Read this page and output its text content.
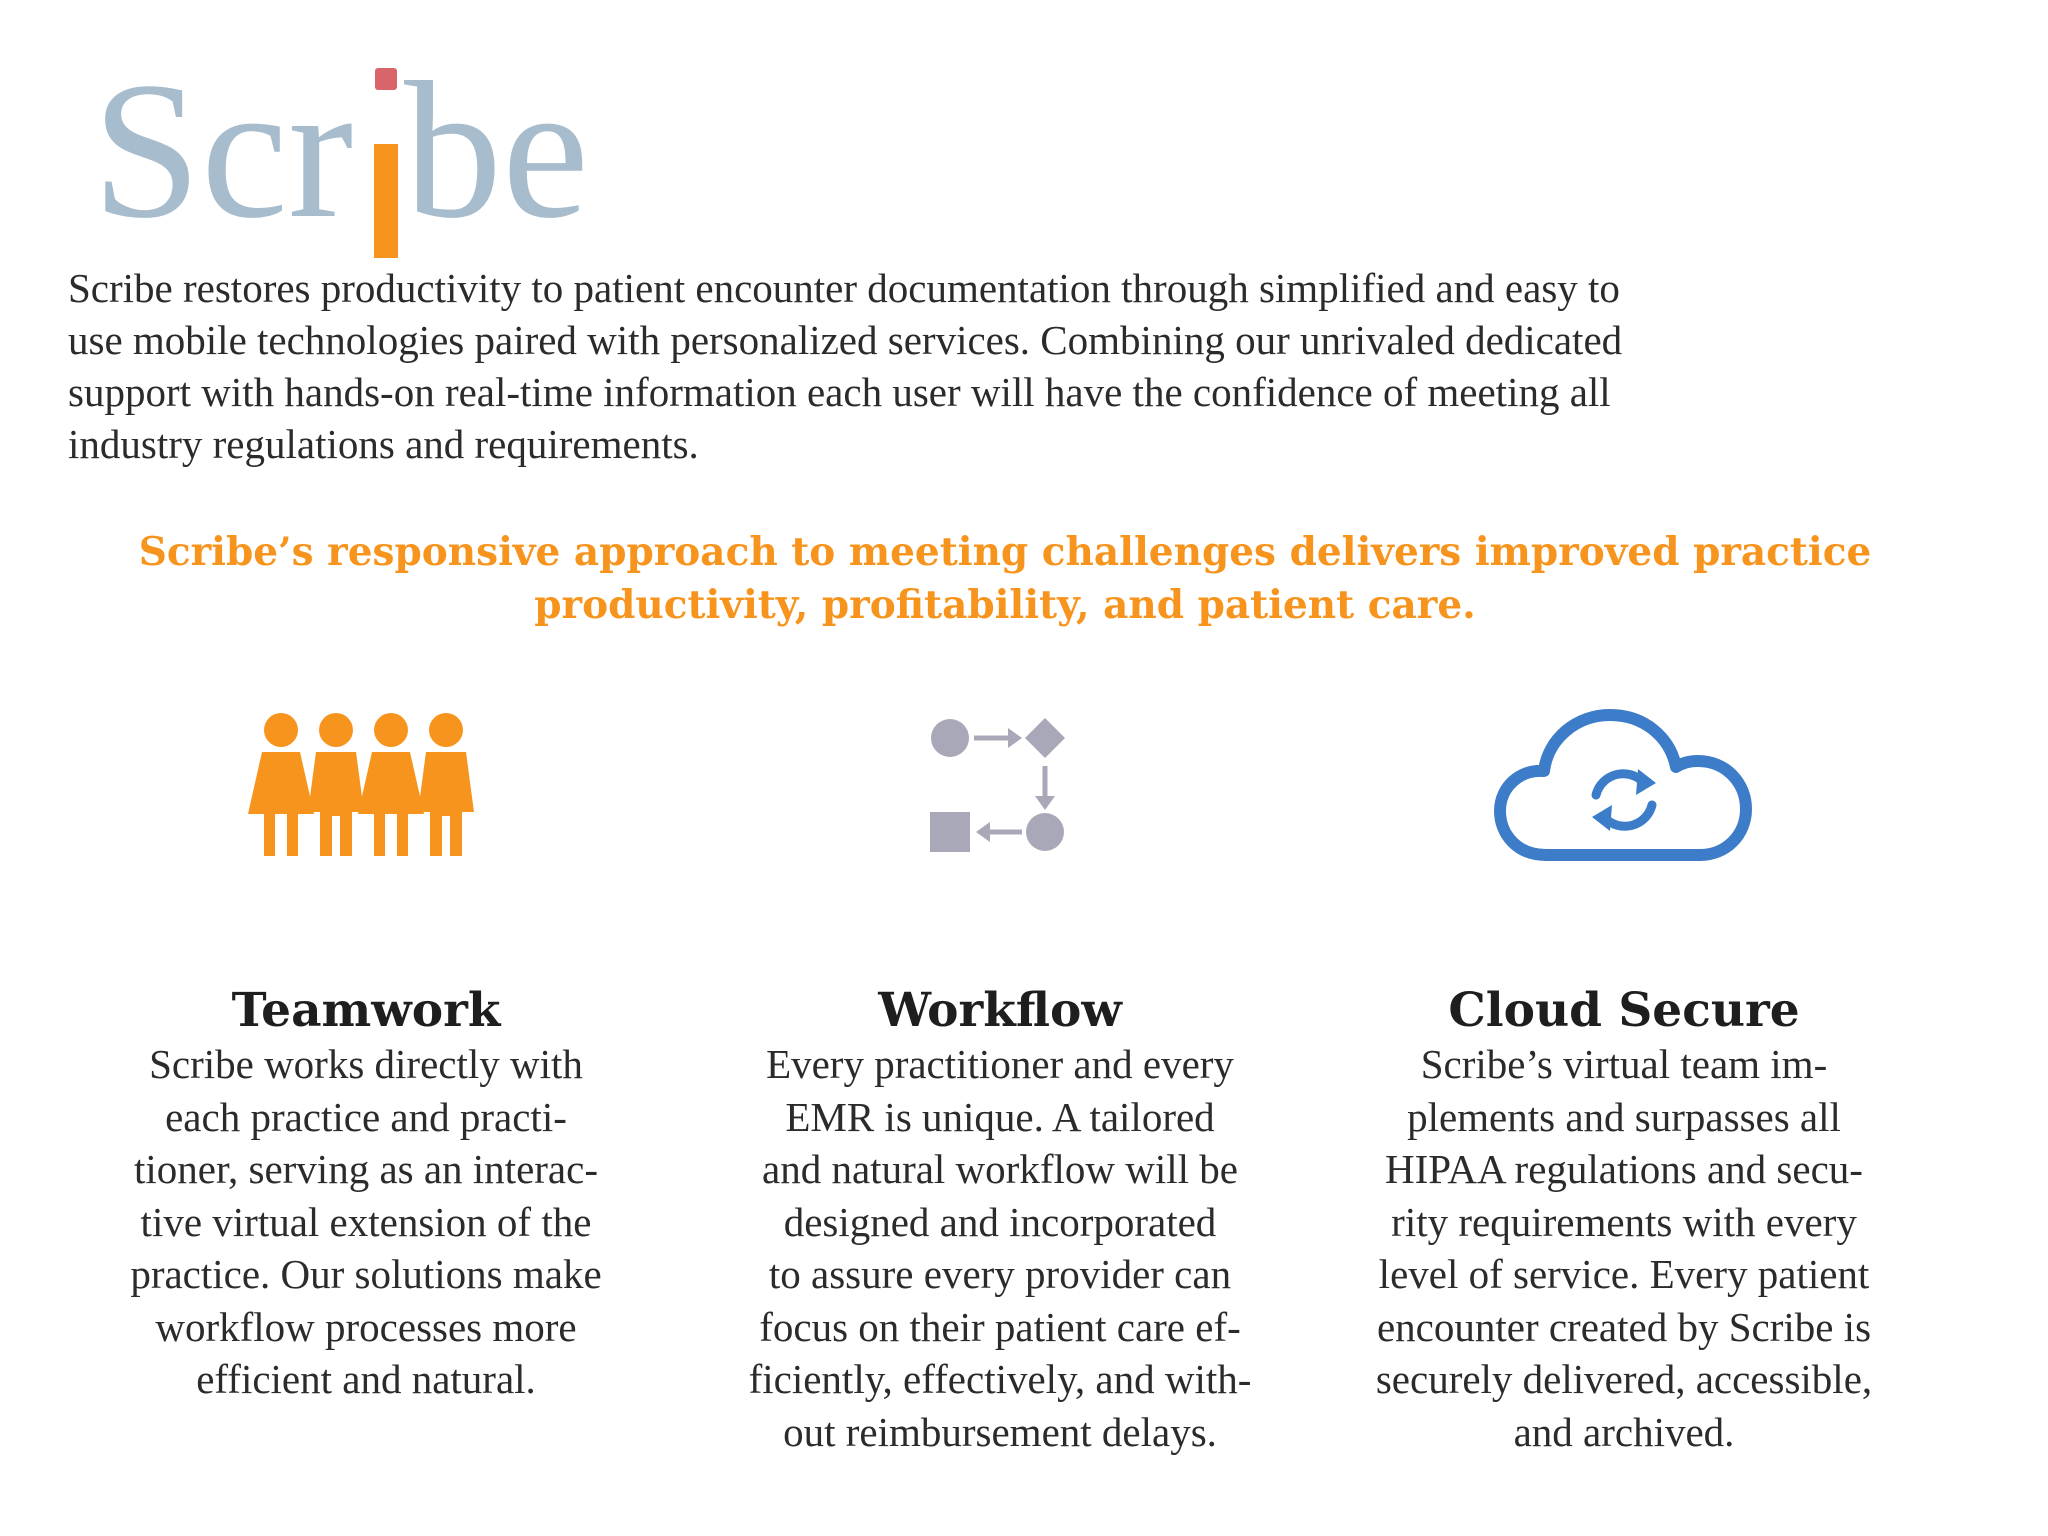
Scr be
Scribe restores productivity to patient encounter documentation through simplified and easy to
use mobile technologies paired with personalized services. Combining our unrivaled dedicated
support with hands-on real-time information each user will have the confidence of meeting all
industry regulations and requirements.
Scribe’s responsive approach to meeting challenges delivers improved practice
productivity, profitability, and patient care.
Teamwork
Scribe works directly with
each practice and practi-
tioner, serving as an interac-
tive virtual extension of the
practice. Our solutions make
workflow processes more
efficient and natural.
Workflow
Every practitioner and every
EMR is unique. A tailored
and natural workflow will be
designed and incorporated
to assure every provider can
focus on their patient care ef-
ficiently, effectively, and with-
out reimbursement delays.
Cloud Secure
Scribe’s virtual team im-
plements and surpasses all
HIPAA regulations and secu-
rity requirements with every
level of service. Every patient
encounter created by Scribe is
securely delivered, accessible,
and archived.
